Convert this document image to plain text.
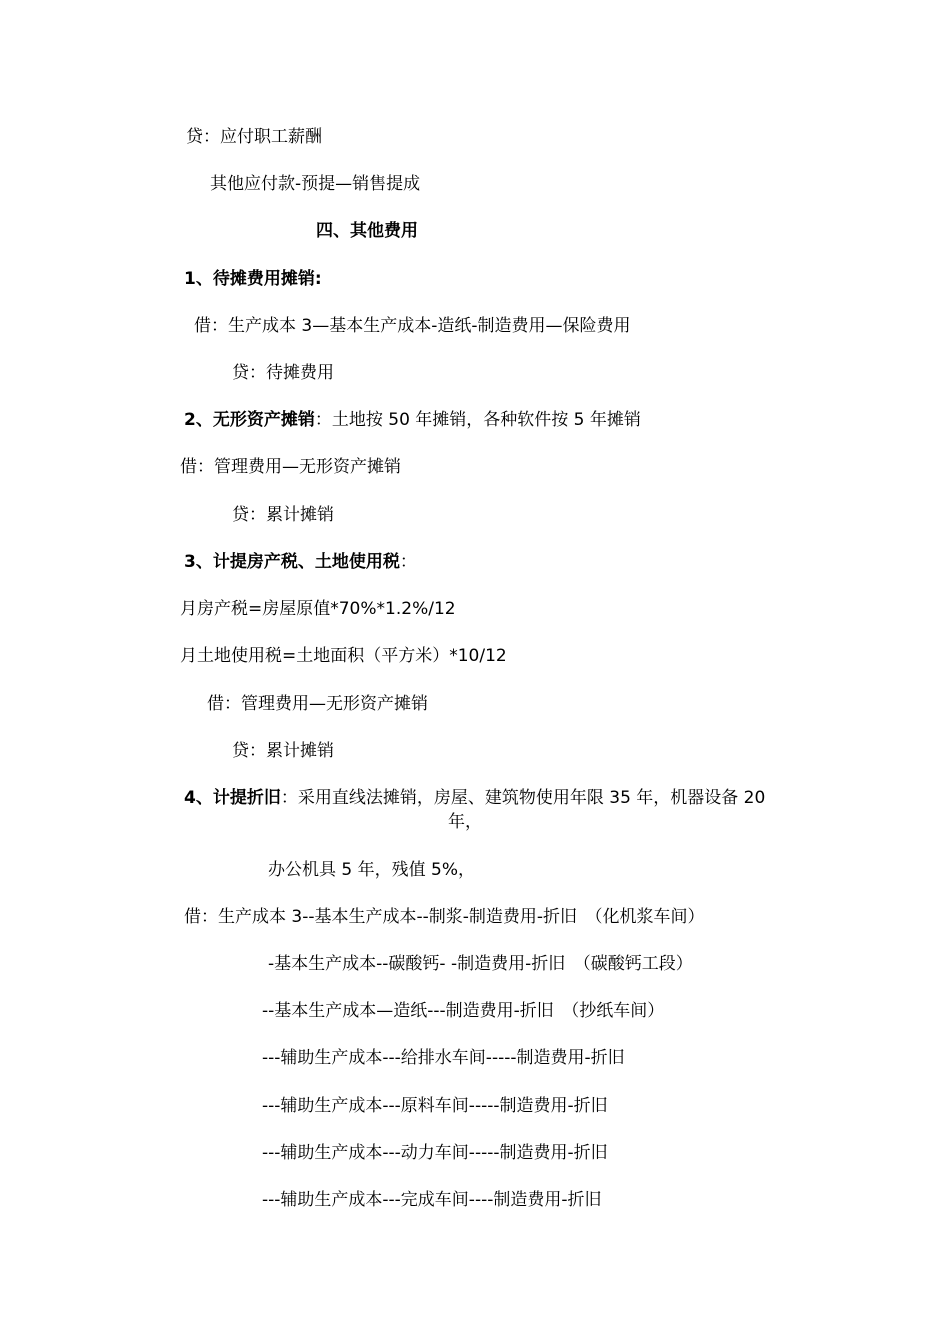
贷：应付职工薪酬
其他应付款-预提—销售提成
四、其他费用
1、待摊费用摊销:
借：生产成本 3—基本生产成本-造纸-制造费用—保险费用
贷：待摊费用
2、无形资产摊销：土地按 50 年摊销，各种软件按 5 年摊销
借：管理费用—无形资产摊销
贷：累计摊销
3、计提房产税、土地使用税：
月房产税=房屋原值*70%*1.2%/12
月土地使用税=土地面积（平方米）*10/12
借：管理费用—无形资产摊销
贷：累计摊销
4、计提折旧：采用直线法摊销，房屋、建筑物使用年限 35 年，机器设备 20
年，
办公机具 5 年，残值 5%，
借：生产成本 3--基本生产成本--制浆-制造费用-折旧　（化机浆车间）
-基本生产成本--碳酸钙- -制造费用-折旧　（碳酸钙工段）
--基本生产成本—造纸---制造费用-折旧　（抄纸车间）
---辅助生产成本---给排水车间-----制造费用-折旧
---辅助生产成本---原料车间-----制造费用-折旧
---辅助生产成本---动力车间-----制造费用-折旧
---辅助生产成本---完成车间----制造费用-折旧
